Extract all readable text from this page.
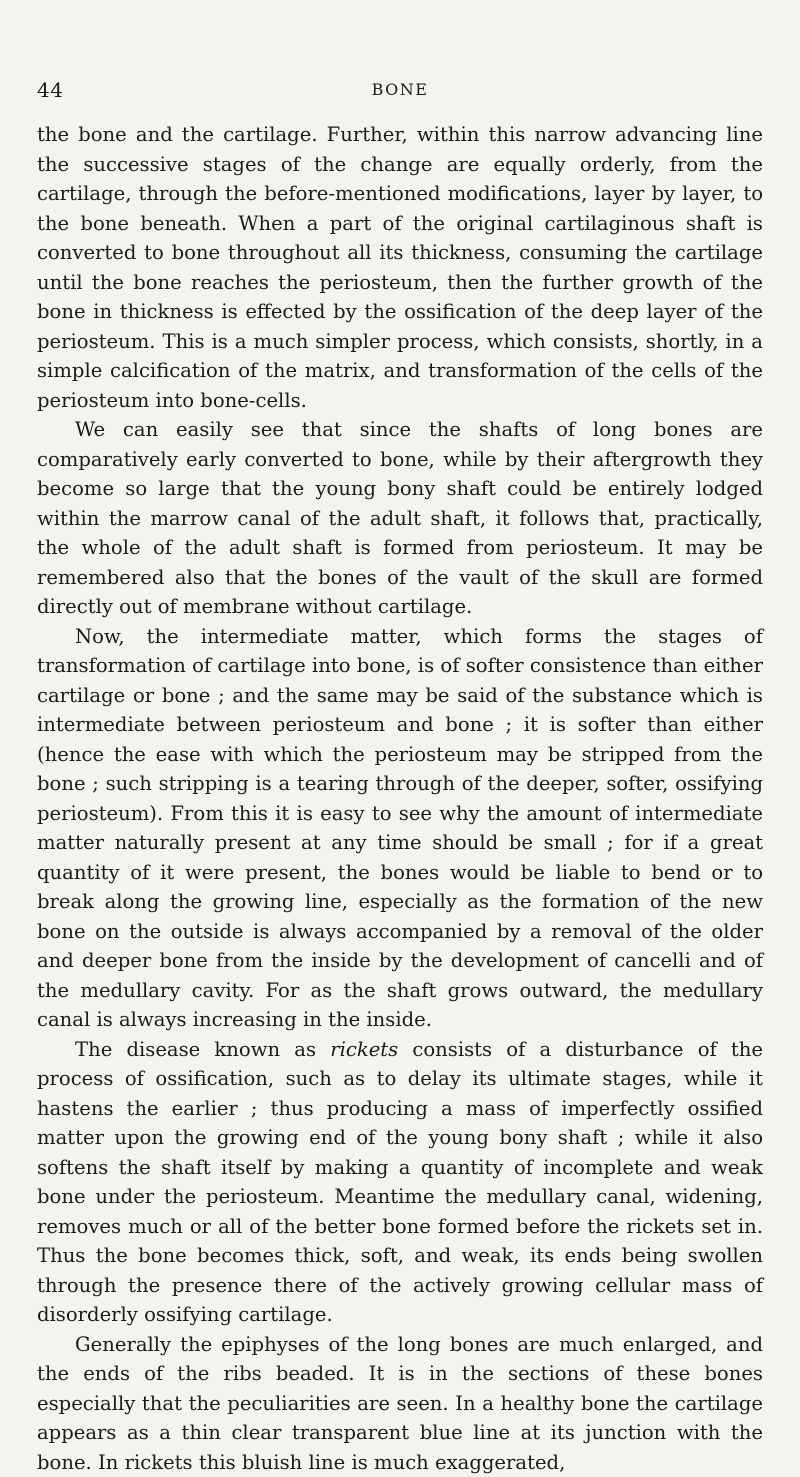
44	BONE

the bone and the cartilage. Further, within this narrow advancing line the successive stages of the change are equally orderly, from the cartilage, through the before-mentioned modifications, layer by layer, to the bone beneath. When a part of the original cartilaginous shaft is converted to bone throughout all its thickness, consuming the cartilage until the bone reaches the periosteum, then the further growth of the bone in thickness is effected by the ossification of the deep layer of the periosteum. This is a much simpler process, which consists, shortly, in a simple calcification of the matrix, and transformation of the cells of the periosteum into bone-cells.

We can easily see that since the shafts of long bones are comparatively early converted to bone, while by their aftergrowth they become so large that the young bony shaft could be entirely lodged within the marrow canal of the adult shaft, it follows that, practically, the whole of the adult shaft is formed from periosteum. It may be remembered also that the bones of the vault of the skull are formed directly out of membrane without cartilage.

Now, the intermediate matter, which forms the stages of transformation of cartilage into bone, is of softer consistence than either cartilage or bone ; and the same may be said of the substance which is intermediate between periosteum and bone ; it is softer than either (hence the ease with which the periosteum may be stripped from the bone ; such stripping is a tearing through of the deeper, softer, ossifying periosteum). From this it is easy to see why the amount of intermediate matter naturally present at any time should be small ; for if a great quantity of it were present, the bones would be liable to bend or to break along the growing line, especially as the formation of the new bone on the outside is always accompanied by a removal of the older and deeper bone from the inside by the development of cancelli and of the medullary cavity. For as the shaft grows outward, the medullary canal is always increasing in the inside.

The disease known as rickets consists of a disturbance of the process of ossification, such as to delay its ultimate stages, while it hastens the earlier ; thus producing a mass of imperfectly ossified matter upon the growing end of the young bony shaft ; while it also softens the shaft itself by making a quantity of incomplete and weak bone under the periosteum. Meantime the medullary canal, widening, removes much or all of the better bone formed before the rickets set in. Thus the bone becomes thick, soft, and weak, its ends being swollen through the presence there of the actively growing cellular mass of disorderly ossifying cartilage.

Generally the epiphyses of the long bones are much enlarged, and the ends of the ribs beaded. It is in the sections of these bones especially that the peculiarities are seen. In a healthy bone the cartilage appears as a thin clear transparent blue line at its junction with the bone. In rickets this bluish line is much exaggerated,
